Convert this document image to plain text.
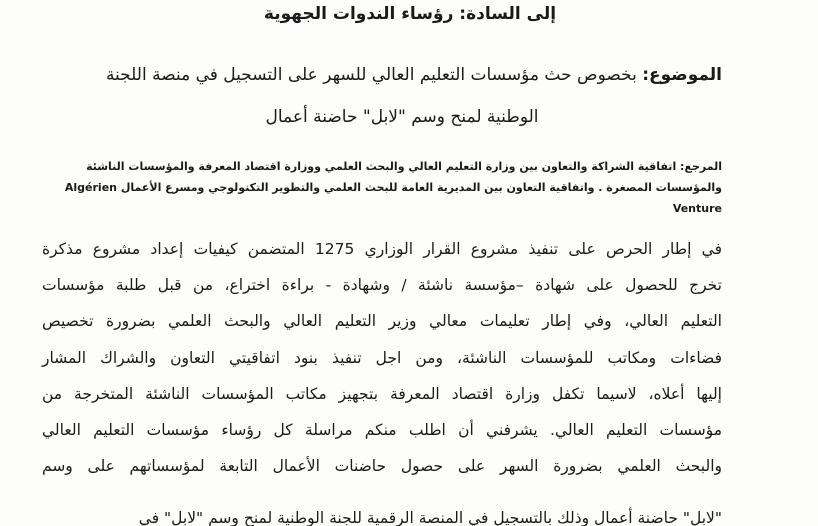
إلى السادة: رؤساء الندوات الجهوية
الموضوع: بخصوص حث مؤسسات التعليم العالي للسهر على التسجيل في منصة اللجنة
الوطنية لمنح وسم "لابل" حاضنة أعمال
المرجع: اتفاقية الشراكة والتعاون بين وزارة التعليم العالي والبحث العلمي ووزارة اقتصاد المعرفة والمؤسسات الناشئة
والمؤسسات المصغرة . واتفاقية التعاون بين المديرية العامة للبحث العلمي والتطوير التكنولوجي ومسرع الأعمال Algérien Venture
في إطار الحرص على تنفيذ مشروع القرار الوزاري 1275 المتضمن كيفيات إعداد مشروع مذكرة
تخرج للحصول على شهادة –مؤسسة ناشئة / وشهادة - براءة اختراع، من قبل طلبة مؤسسات
التعليم العالي، وفي إطار تعليمات معالي وزير التعليم العالي والبحث العلمي بضرورة تخصيص
فضاءات ومكاتب للمؤسسات الناشئة، ومن اجل تنفيذ بنود اتفاقيتي التعاون والشراك المشار
إليها أعلاه، لاسيما تكفل وزارة اقتصاد المعرفة بتجهيز مكاتب المؤسسات الناشئة المتخرجة من
مؤسسات التعليم العالي. يشرفني أن اطلب منكم مراسلة كل رؤساء مؤسسات التعليم العالي
والبحث العلمي بضرورة السهر على حصول حاضنات الأعمال التابعة لمؤسساتهم على وسم
"لابل" حاضنة أعمال وذلك بالتسجيل في المنصة الرقمية للجنة الوطنية لمنح وسم "لابل" في
